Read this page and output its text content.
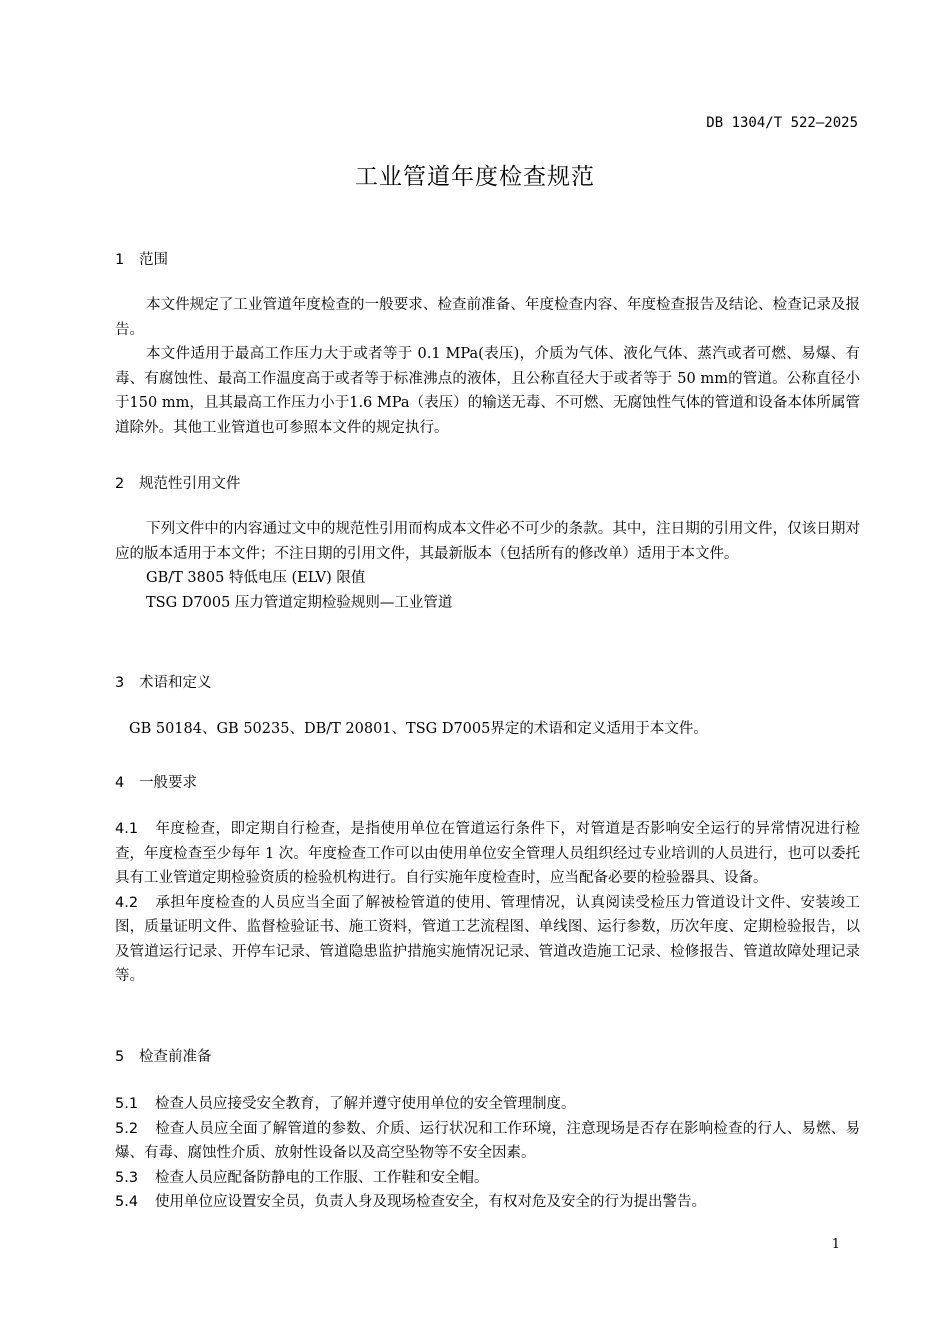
DB 1304/T 522—2025
工业管道年度检查规范
1 范围

本文件规定了工业管道年度检查的一般要求、检查前准备、年度检查内容、年度检查报告及结论、检查记录及报告。

本文件适用于最高工作压力大于或者等于 0.1 MPa(表压)，介质为气体、液化气体、蒸汽或者可燃、易爆、有毒、有腐蚀性、最高工作温度高于或者等于标准沸点的液体，且公称直径大于或者等于 50 mm的管道。公称直径小于150 mm，且其最高工作压力小于1.6 MPa（表压）的输送无毒、不可燃、无腐蚀性气体的管道和设备本体所属管道除外。其他工业管道也可参照本文件的规定执行。

2 规范性引用文件

下列文件中的内容通过文中的规范性引用而构成本文件必不可少的条款。其中，注日期的引用文件，仅该日期对应的版本适用于本文件；不注日期的引用文件，其最新版本（包括所有的修改单）适用于本文件。

GB/T 3805 特低电压 (ELV) 限值

TSG D7005 压力管道定期检验规则—工业管道

3 术语和定义

GB 50184、GB 50235、DB/T 20801、TSG D7005界定的术语和定义适用于本文件。

4 一般要求

4.1 年度检查，即定期自行检查，是指使用单位在管道运行条件下，对管道是否影响安全运行的异常情况进行检查，年度检查至少每年 1 次。年度检查工作可以由使用单位安全管理人员组织经过专业培训的人员进行，也可以委托具有工业管道定期检验资质的检验机构进行。自行实施年度检查时，应当配备必要的检验器具、设备。

4.2 承担年度检查的人员应当全面了解被检管道的使用、管理情况，认真阅读受检压力管道设计文件、安装竣工图，质量证明文件、监督检验证书、施工资料，管道工艺流程图、单线图、运行参数，历次年度、定期检验报告，以及管道运行记录、开停车记录、管道隐患监护措施实施情况记录、管道改造施工记录、检修报告、管道故障处理记录等。

5 检查前准备

5.1 检查人员应接受安全教育，了解并遵守使用单位的安全管理制度。

5.2 检查人员应全面了解管道的参数、介质、运行状况和工作环境，注意现场是否存在影响检查的行人、易燃、易爆、有毒、腐蚀性介质、放射性设备以及高空坠物等不安全因素。

5.3 检查人员应配备防静电的工作服、工作鞋和安全帽。

5.4 使用单位应设置安全员，负责人身及现场检查安全，有权对危及安全的行为提出警告。

1
